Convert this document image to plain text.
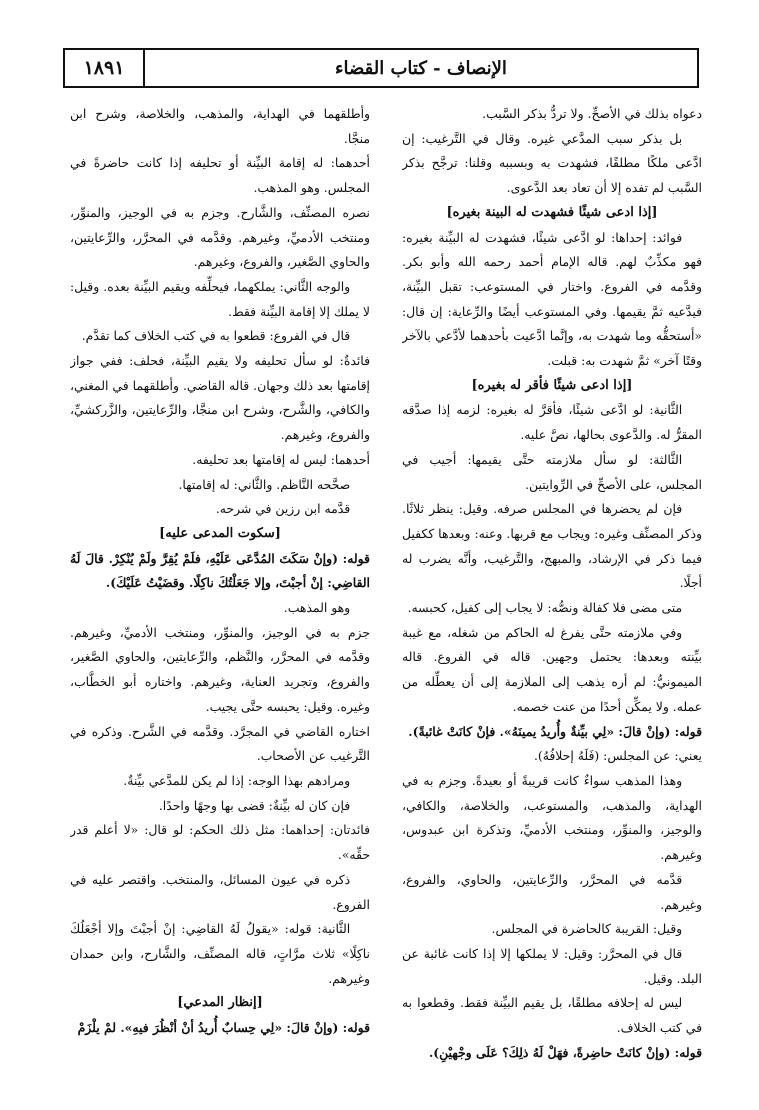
١٨٩١	الإنصاف - كتاب القضاء

دعواه بذلك في الأصحِّ. ولا تردُّ بذكر السَّبب.

بل بذكر سبب المدَّعي غيره. وقال في التَّرغيب: إن ادَّعى ملكًا مطلقًا، فشهدت به وبسببه وقلنا: ترجَّح بذكر السَّبب لم تفده إلا أن تعاد بعد الدَّعوى.

[إذا ادعى شيئًا فشهدت له البينة بغيره]

فوائد: إحداها: لو ادَّعى شيئًا، فشهدت له البيِّنة بغيره: فهو مكذِّبٌ لهم. قاله الإمام أحمد رحمه الله وأبو بكر. وقدَّمه في الفروع. واختار في المستوعب: تقبل البيِّنة، فيدَّعيه ثمَّ يقيمها. وفي المستوعب أيضًا والرِّعاية: إن قال: «أستحقُّه وما شهدت به، وإنَّما ادَّعيت بأحدهما لأدَّعي بالآخر وقتًا آخر» ثمَّ شهدت به: قبلت.

[إذا ادعى شيئًا فأقر له بغيره]

الثَّانية: لو ادَّعى شيئًا، فأقرَّ له بغيره: لزمه إذا صدَّقه المقرُّ له. والدَّعوى بحالها، نصَّ عليه.

الثَّالثة: لو سأل ملازمته حتَّى يقيمها: أجيب في المجلس، على الأصحِّ في الرِّوايتين.

فإن لم يحضرها في المجلس صرفه. وقيل: ينظر ثلاثًا. وذكر المصنِّف وغيره: ويجاب مع قربها. وعنه: وبعدها ككفيل فيما ذكر في الإرشاد، والمبهج، والتَّرغيب، وأنَّه يضرب له أجلًا.

متى مضى فلا كفالة ونصُّه: لا يجاب إلى كفيل، كحبسه.

وفي ملازمته حتَّى يفرغ له الحاكم من شغله، مع غيبة بيِّنته وبعدها: يحتمل وجهين. قاله في الفروع. قاله الميمونيُّ: لم أره يذهب إلى الملازمة إلى أن يعطِّله من عمله. ولا يمكِّن أحدًا من عنت خصمه.

قوله: (وإنْ قالَ: «لِي بيِّنةٌ وأُريدُ يمينَهُ». فإنْ كانَتْ غائبةً).

يعني: عن المجلس: (فَلَهُ إحلافُهُ).

وهذا المذهب سواءٌ كانت قريبةً أو بعيدةً. وجزم به في الهداية، والمذهب، والمستوعب، والخلاصة، والكافي، والوجيز، والمنوِّر، ومنتخب الأدميِّ، وتذكرة ابن عبدوس، وغيرهم.

قدَّمه في المحرَّر، والرِّعايتين، والحاوي، والفروع، وغيرهم.

وقيل: القريبة كالحاضرة في المجلس.

قال في المحرَّر: وقيل: لا يملكها إلا إذا كانت غائبة عن البلد. وقيل.

ليس له إحلافه مطلقًا، بل يقيم البيِّنة فقط. وقطعوا به في كتب الخلاف.

قوله: (وإنْ كانَتْ حاضِرةً، فهَلْ لَهُ ذلِكَ؟ عَلَى وجْهيْنِ).

وأطلقهما في الهداية، والمذهب، والخلاصة، وشرح ابن منجَّا.

أحدهما: له إقامة البيِّنة أو تحليفه إذا كانت حاضرةً في المجلس. وهو المذهب.

نصره المصنِّف، والشَّارح. وجزم به في الوجيز، والمنوِّر، ومنتخب الأدميِّ، وغيرهم. وقدَّمه في المحرَّر، والرِّعايتين، والحاوي الصَّغير، والفروع، وغيرهم.

والوجه الثَّاني: يملكهما، فيحلِّفه ويقيم البيِّنة بعده. وقيل: لا يملك إلا إقامة البيِّنة فقط.

قال في الفروع: قطعوا به في كتب الخلاف كما تقدَّم.

فائدةٌ: لو سأل تحليفه ولا يقيم البيِّنة، فحلف: ففي جواز إقامتها بعد ذلك وجهان. قاله القاضي. وأطلقهما في المغني، والكافي، والشَّرح، وشرح ابن منجَّا، والرِّعايتين، والزَّركشيِّ، والفروع، وغيرهم.

أحدهما: ليس له إقامتها بعد تحليفه.

صحَّحه النَّاظم. والثَّاني: له إقامتها.

قدَّمه ابن رزين في شرحه.

[سكوت المدعى عليه]

قوله: (وإنْ سَكَتَ المُدَّعَى عَلَيْهِ، فلَمْ يُقِرَّ ولَمْ يُنْكِرْ. قالَ لَهُ القاضِي: إنْ أجبْتَ، وإلا جَعَلْتُكَ ناكِلًا. وقضَيْتُ عَلَيْكَ).

وهو المذهب.

جزم به في الوجيز، والمنوِّر، ومنتخب الأدميِّ، وغيرهم. وقدَّمه في المحرَّر، والنَّظم، والرِّعايتين، والحاوي الصَّغير، والفروع، وتجريد العناية، وغيرهم. واختاره أبو الخطَّاب، وغيره. وقيل: يحبسه حتَّى يجيب.

اختاره القاضي في المجرَّد. وقدَّمه في الشَّرح. وذكره في التَّرغيب عن الأصحاب.

ومرادهم بهذا الوجه: إذا لم يكن للمدَّعي بيِّنةٌ.

فإن كان له بيِّنةٌ: قضى بها وجهًا واحدًا.

فائدتان: إحداهما: مثل ذلك الحكم: لو قال: «لا أعلم قدر حقِّه».

ذكره في عيون المسائل، والمنتخب. واقتصر عليه في الفروع.

الثَّانية: قوله: «يقولُ لَهُ القاضِي: إنْ أجبْتَ وإلا أجْعَلُكَ ناكِلًا» ثلاث مرَّاتٍ، قاله المصنِّف، والشَّارح، وابن حمدان وغيرهم.

[إنظار المدعي]

قوله: (وإنْ قالَ: «لِي حِسابٌ أُريدُ أنْ أنْظُرَ فيهِ». لمْ يلْزَمْ
